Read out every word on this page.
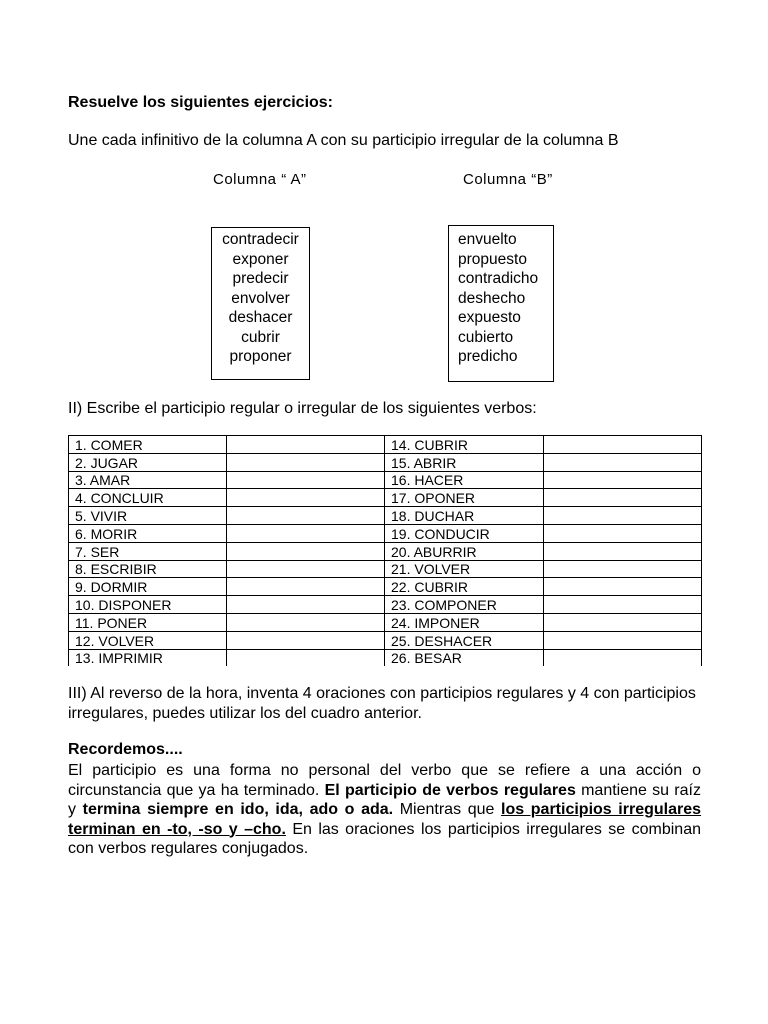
Resuelve los siguientes ejercicios:
Une cada infinitivo de la columna A con su participio irregular de la columna B
Columna “ A”	Columna “B”
contradecir
exponer
predecir
envolver
deshacer
cubrir
proponer
envuelto
propuesto
contradicho
deshecho
expuesto
cubierto
predicho
II) Escribe el participio regular o irregular de los siguientes verbos:
1. COMER		14. CUBRIR	
2. JUGAR		15. ABRIR	
3. AMAR		16. HACER	
4. CONCLUIR		17. OPONER	
5. VIVIR		18. DUCHAR	
6. MORIR		19. CONDUCIR	
7. SER		20. ABURRIR	
8. ESCRIBIR		21. VOLVER	
9. DORMIR		22. CUBRIR	
10. DISPONER		23. COMPONER	
11. PONER		24. IMPONER	
12. VOLVER		25. DESHACER	
13. IMPRIMIR		26. BESAR	
III) Al reverso de la hora, inventa 4 oraciones con participios regulares y 4 con participios irregulares, puedes utilizar los del cuadro anterior.
Recordemos....
El participio es una forma no personal del verbo que se refiere a una acción o circunstancia que ya ha terminado. El participio de verbos regulares mantiene su raíz y termina siempre en ido, ida, ado o ada. Mientras que los participios irregulares terminan en -to, -so y –cho. En las oraciones los participios irregulares se combinan con verbos regulares conjugados.
